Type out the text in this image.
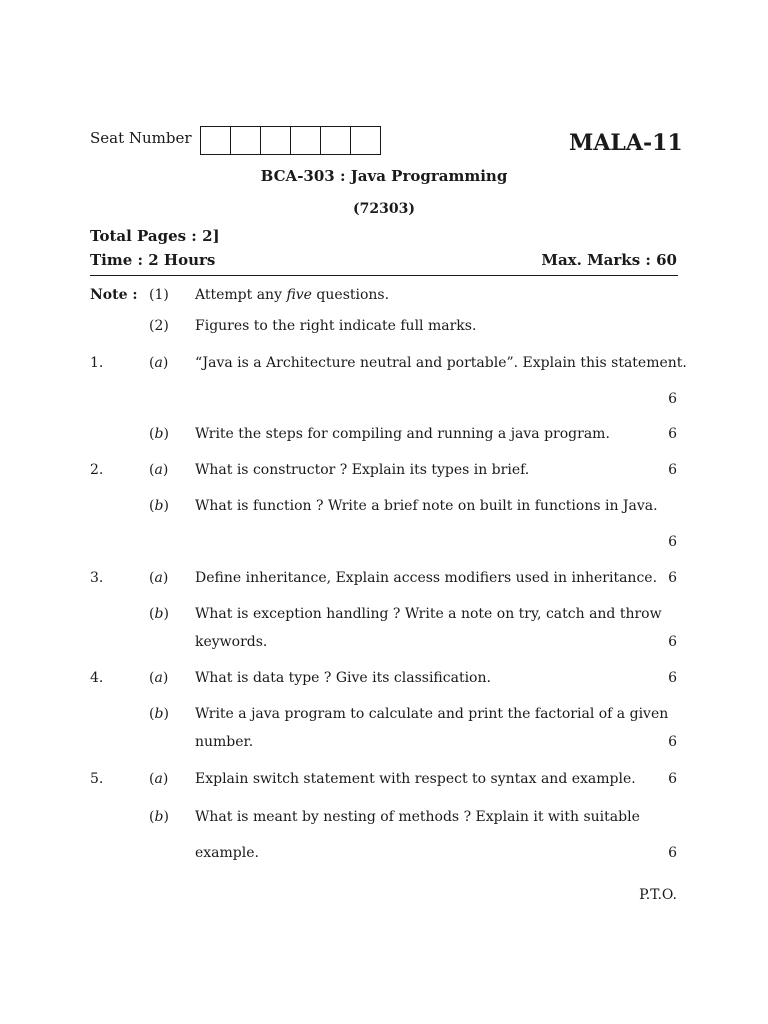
Seat Number	MALA-11
BCA-303 : Java Programming
(72303)
Total Pages : 2]
Time : 2 Hours	Max. Marks : 60
Note : (1) Attempt any five questions.
(2) Figures to the right indicate full marks.
1.	(a) “Java is a Architecture neutral and portable”. Explain this statement.
6
(b) Write the steps for compiling and running a java program.	6
2.	(a) What is constructor ? Explain its types in brief.	6
(b) What is function ? Write a brief note on built in functions in Java.
6
3.	(a) Define inheritance, Explain access modifiers used in inheritance. 6
(b) What is exception handling ? Write a note on try, catch and throw
keywords.	6
4.	(a) What is data type ? Give its classification.	6
(b) Write a java program to calculate and print the factorial of a given
number.	6
5.	(a) Explain switch statement with respect to syntax and example. 6
(b) What is meant by nesting of methods ? Explain it with suitable
example.	6
P.T.O.
